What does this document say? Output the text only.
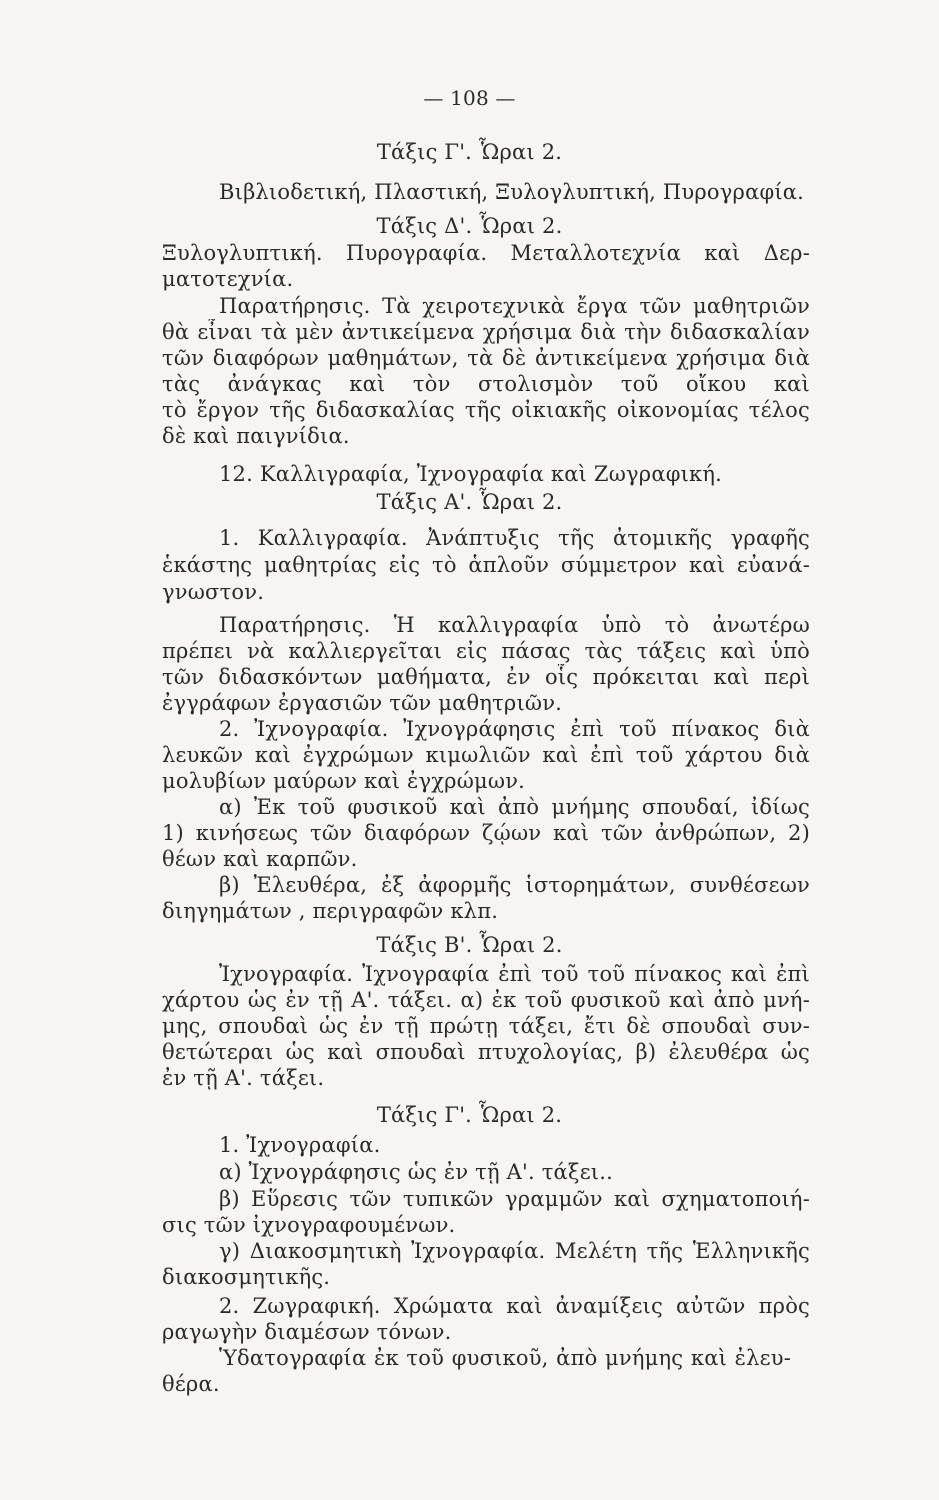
— 108 —
Τάξις Γ'. Ὧραι 2.
Βιβλιοδετική, Πλαστική, Ξυλογλυπτική, Πυρογραφία.
Τάξις Δ'. Ὧραι 2.
Ξυλογλυπτική. Πυρογραφία. Μεταλλοτεχνία καὶ Δερ-
ματοτεχνία.
Παρατήρησις. Τὰ χειροτεχνικὰ ἔργα τῶν μαθητριῶν
θὰ εἶναι τὰ μὲν ἀντικείμενα χρήσιμα διὰ τὴν διδασκαλίαν
τῶν διαφόρων μαθημάτων, τὰ δὲ ἀντικείμενα χρήσιμα διὰ
τὰς ἀνάγκας καὶ τὸν στολισμὸν τοῦ οἴκου καὶ
τὸ ἔργον τῆς διδασκαλίας τῆς οἰκιακῆς οἰκονομίας τέλος
δὲ καὶ παιγνίδια.
12. Καλλιγραφία, Ἰχνογραφία καὶ Ζωγραφική.
Τάξις Α'. Ὧραι 2.
1. Καλλιγραφία. Ἀνάπτυξις τῆς ἀτομικῆς γραφῆς
ἑκάστης μαθητρίας εἰς τὸ ἁπλοῦν σύμμετρον καὶ εὐανά-
γνωστον.
Παρατήρησις. Ἡ καλλιγραφία ὑπὸ τὸ ἀνωτέρω
πρέπει νὰ καλλιεργεῖται εἰς πάσας τὰς τάξεις καὶ ὑπὸ
τῶν διδασκόντων μαθήματα, ἐν οἷς πρόκειται καὶ περὶ
ἐγγράφων ἐργασιῶν τῶν μαθητριῶν.
2. Ἰχνογραφία. Ἰχνογράφησις ἐπὶ τοῦ πίνακος διὰ
λευκῶν καὶ ἐγχρώμων κιμωλιῶν καὶ ἐπὶ τοῦ χάρτου διὰ
μολυβίων μαύρων καὶ ἐγχρώμων.
α) Ἐκ τοῦ φυσικοῦ καὶ ἀπὸ μνήμης σπουδαί, ἰδίως
1) κινήσεως τῶν διαφόρων ζῴων καὶ τῶν ἀνθρώπων, 2)
θέων καὶ καρπῶν.
β) Ἐλευθέρα, ἐξ ἀφορμῆς ἱστορημάτων, συνθέσεων
διηγημάτων , περιγραφῶν κλπ.
Τάξις Β'. Ὧραι 2.
Ἰχνογραφία. Ἰχνογραφία ἐπὶ τοῦ τοῦ πίνακος καὶ ἐπὶ
χάρτου ὡς ἐν τῇ Α'. τάξει. α) ἐκ τοῦ φυσικοῦ καὶ ἀπὸ μνή-
μης, σπουδαὶ ὡς ἐν τῇ πρώτῃ τάξει, ἔτι δὲ σπουδαὶ συν-
θετώτεραι ὡς καὶ σπουδαὶ πτυχολογίας, β) ἐλευθέρα ὡς
ἐν τῇ Α'. τάξει.
Τάξις Γ'. Ὧραι 2.
1. Ἰχνογραφία.
α) Ἰχνογράφησις ὡς ἐν τῇ Α'. τάξει..
β) Εὕρεσις τῶν τυπικῶν γραμμῶν καὶ σχηματοποιή-
σις τῶν ἰχνογραφουμένων.
γ) Διακοσμητικὴ Ἰχνογραφία. Μελέτη τῆς Ἑλληνικῆς
διακοσμητικῆς.
2. Ζωγραφική. Χρώματα καὶ ἀναμίξεις αὐτῶν πρὸς
ραγωγὴν διαμέσων τόνων.
Ὑδατογραφία ἐκ τοῦ φυσικοῦ, ἀπὸ μνήμης καὶ ἐλευ-
θέρα.
